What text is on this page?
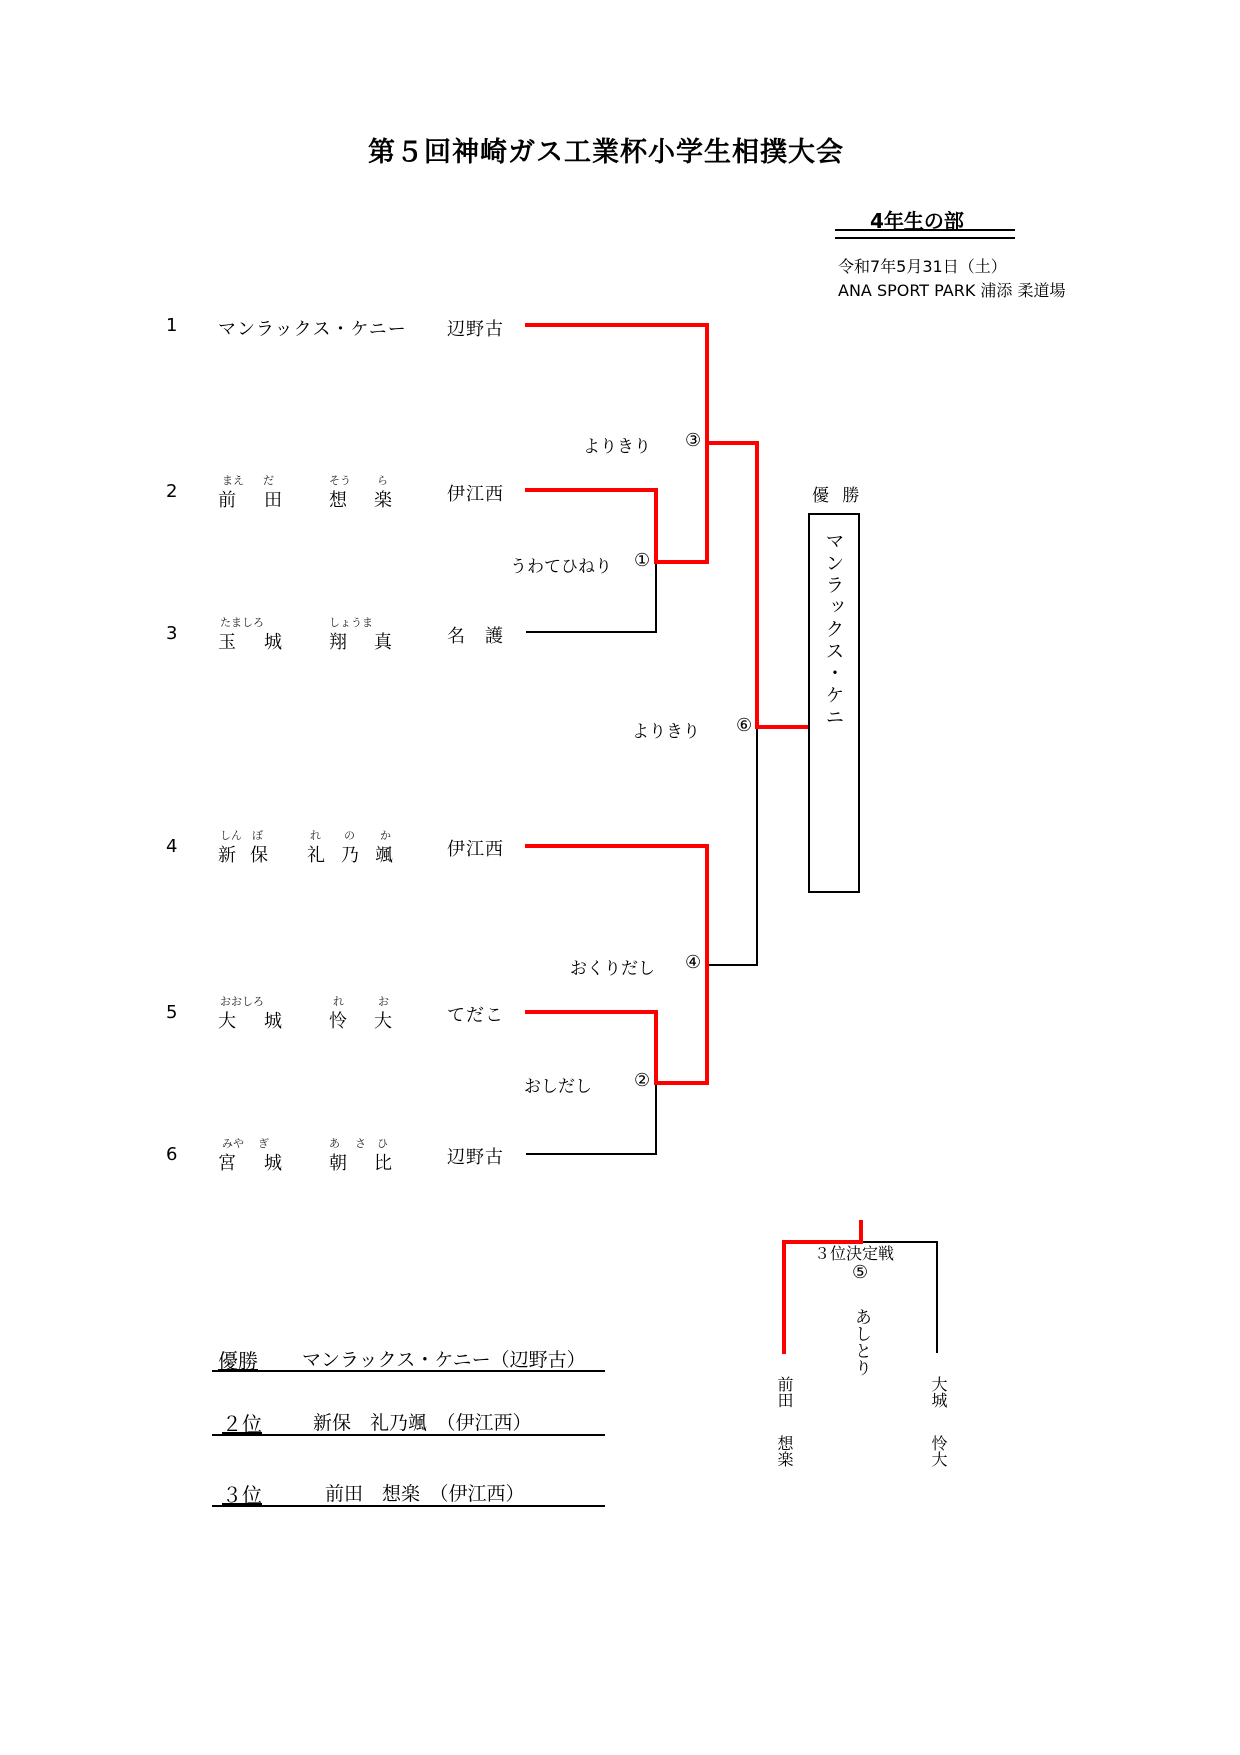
第５回神崎ガス工業杯小学生相撲大会
4年生の部
令和7年5月31日（土）
ANA SPORT PARK 浦添 柔道場
1 マンラックス・ケニー 辺野古
2
まえ だ	そう ら
前 田	想 楽	伊江西
3
たましろ	しょうま
玉 城	翔 真	名　護
4
しん ぼ	れ の か
新 保 礼 乃 颯	伊江西
5
おおしろ	れ	お
大 城	怜 大	てだこ
6
みや ぎ	あ さ ひ
宮 城	朝 比	辺野古
よりきり ③
うわてひねり ①
よりきり ⑥
おくりだし ④
おしだし ②
優 勝
マンラックス・ケニ
３位決定戦
⑤
あしとり
前田
想楽
大城
怜大
優勝 マンラックス・ケニー（辺野古）
２位	新保　礼乃颯　（伊江西）
３位	前田　想楽　（伊江西）
